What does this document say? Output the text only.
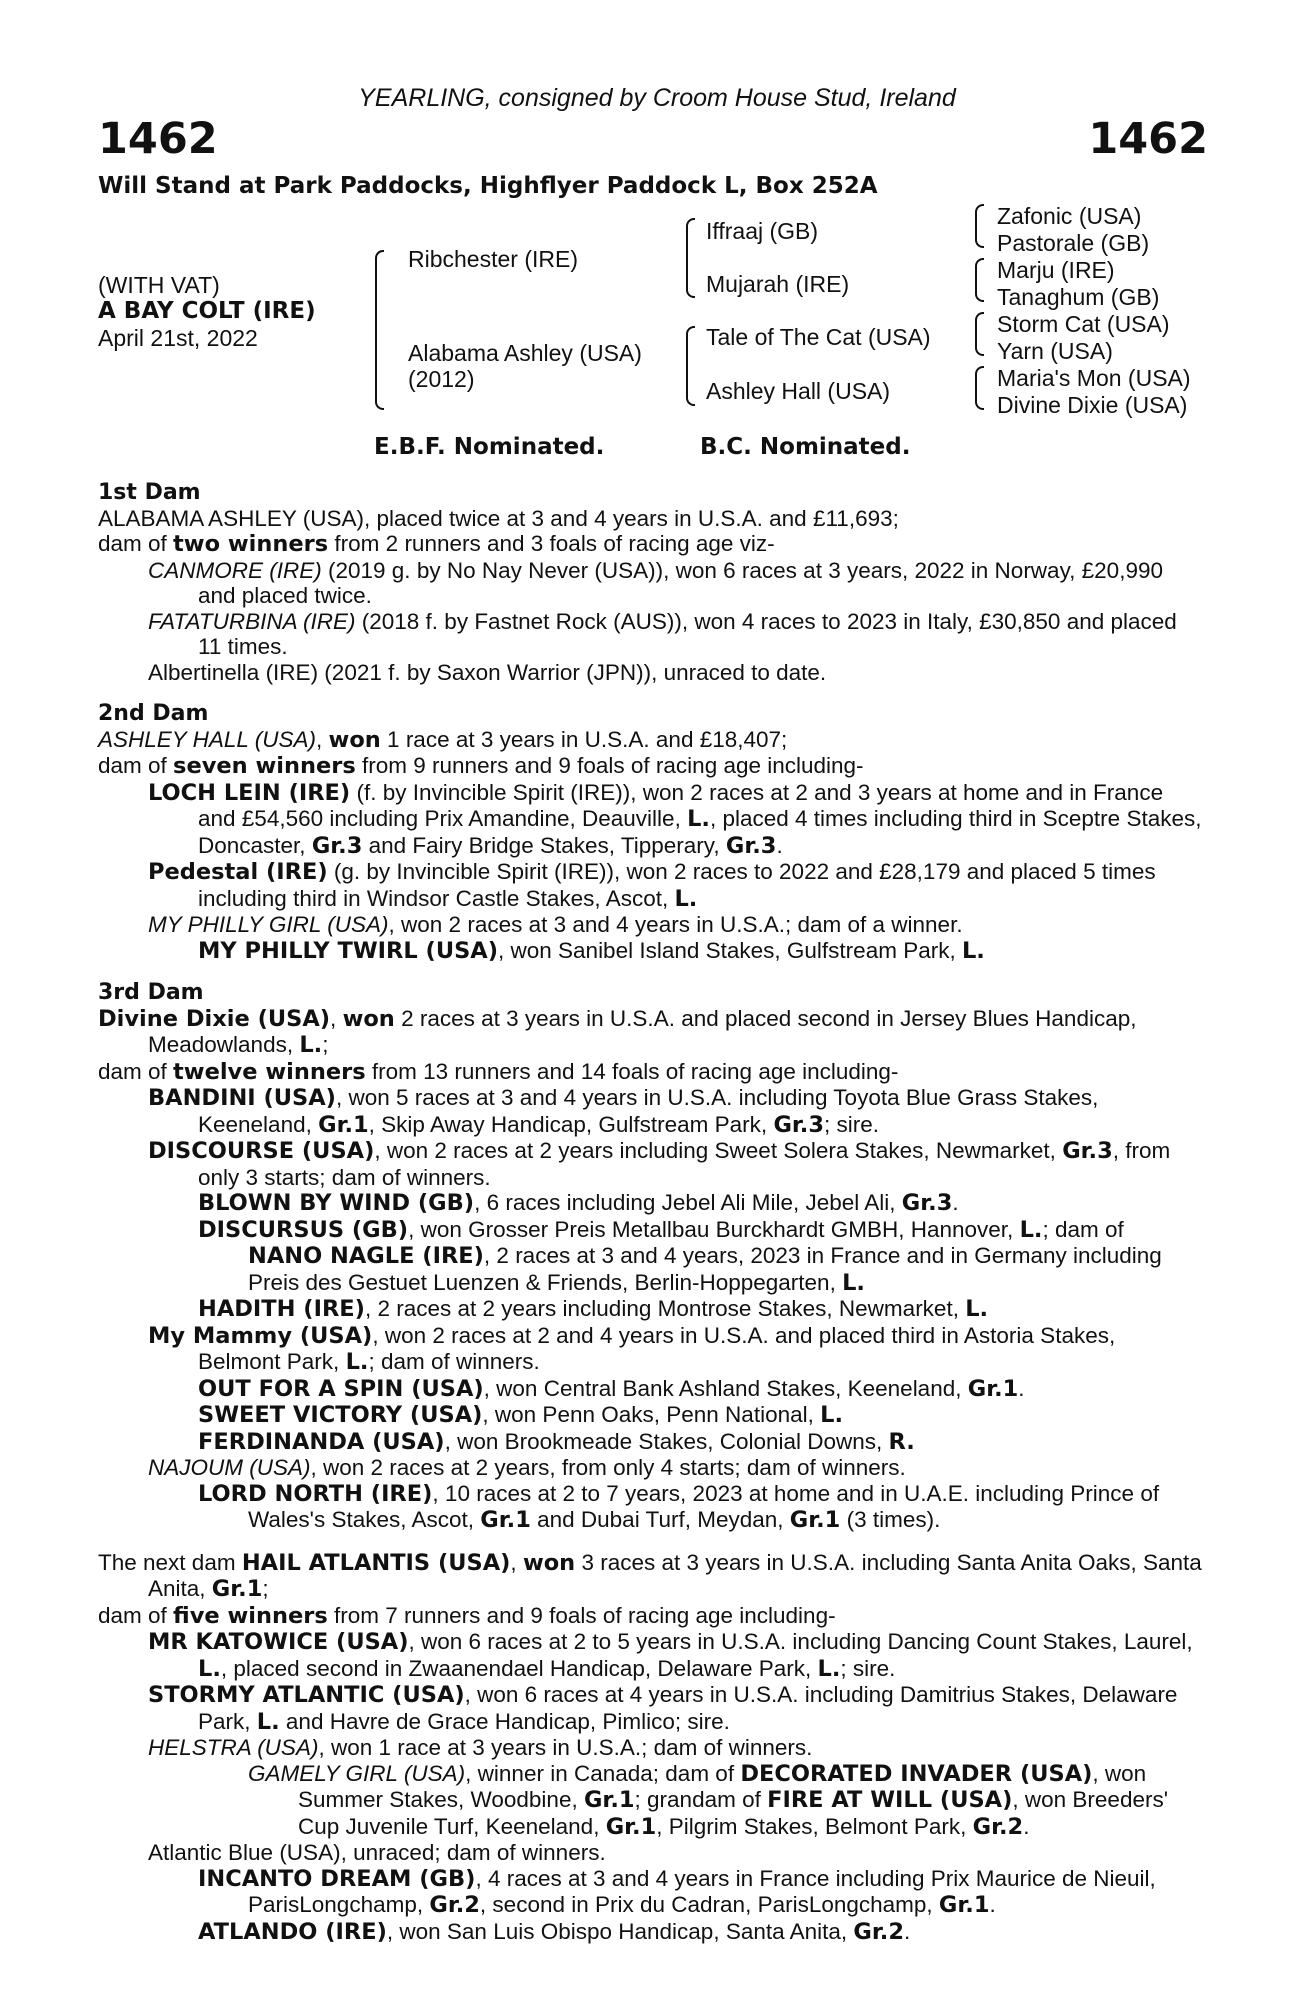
YEARLING, consigned by Croom House Stud, Ireland
1462	1462
Will Stand at Park Paddocks, Highflyer Paddock L, Box 252A
(WITH VAT)
A BAY COLT (IRE)
April 21st, 2022
Ribchester (IRE)
Alabama Ashley (USA)
(2012)
Iffraaj (GB)
Mujarah (IRE)
Tale of The Cat (USA)
Ashley Hall (USA)
Zafonic (USA)
Pastorale (GB)
Marju (IRE)
Tanaghum (GB)
Storm Cat (USA)
Yarn (USA)
Maria's Mon (USA)
Divine Dixie (USA)
E.B.F. Nominated.	B.C. Nominated.

1st Dam

ALABAMA ASHLEY (USA), placed twice at 3 and 4 years in U.S.A. and £11,693;

dam of two winners from 2 runners and 3 foals of racing age viz-

CANMORE (IRE) (2019 g. by No Nay Never (USA)), won 6 races at 3 years, 2022 in Norway, £20,990 and placed twice.

FATATURBINA (IRE) (2018 f. by Fastnet Rock (AUS)), won 4 races to 2023 in Italy, £30,850 and placed 11 times.

Albertinella (IRE) (2021 f. by Saxon Warrior (JPN)), unraced to date.

2nd Dam

ASHLEY HALL (USA), won 1 race at 3 years in U.S.A. and £18,407;

dam of seven winners from 9 runners and 9 foals of racing age including-

LOCH LEIN (IRE) (f. by Invincible Spirit (IRE)), won 2 races at 2 and 3 years at home and in France and £54,560 including Prix Amandine, Deauville, L., placed 4 times including third in Sceptre Stakes, Doncaster, Gr.3 and Fairy Bridge Stakes, Tipperary, Gr.3.

Pedestal (IRE) (g. by Invincible Spirit (IRE)), won 2 races to 2022 and £28,179 and placed 5 times including third in Windsor Castle Stakes, Ascot, L.

MY PHILLY GIRL (USA), won 2 races at 3 and 4 years in U.S.A.; dam of a winner.

MY PHILLY TWIRL (USA), won Sanibel Island Stakes, Gulfstream Park, L.

3rd Dam

Divine Dixie (USA), won 2 races at 3 years in U.S.A. and placed second in Jersey Blues Handicap, Meadowlands, L.;

dam of twelve winners from 13 runners and 14 foals of racing age including-

BANDINI (USA), won 5 races at 3 and 4 years in U.S.A. including Toyota Blue Grass Stakes, Keeneland, Gr.1, Skip Away Handicap, Gulfstream Park, Gr.3; sire.

DISCOURSE (USA), won 2 races at 2 years including Sweet Solera Stakes, Newmarket, Gr.3, from only 3 starts; dam of winners.

BLOWN BY WIND (GB), 6 races including Jebel Ali Mile, Jebel Ali, Gr.3.

DISCURSUS (GB), won Grosser Preis Metallbau Burckhardt GMBH, Hannover, L.; dam of NANO NAGLE (IRE), 2 races at 3 and 4 years, 2023 in France and in Germany including Preis des Gestuet Luenzen & Friends, Berlin-Hoppegarten, L.

HADITH (IRE), 2 races at 2 years including Montrose Stakes, Newmarket, L.

My Mammy (USA), won 2 races at 2 and 4 years in U.S.A. and placed third in Astoria Stakes, Belmont Park, L.; dam of winners.

OUT FOR A SPIN (USA), won Central Bank Ashland Stakes, Keeneland, Gr.1.

SWEET VICTORY (USA), won Penn Oaks, Penn National, L.

FERDINANDA (USA), won Brookmeade Stakes, Colonial Downs, R.

NAJOUM (USA), won 2 races at 2 years, from only 4 starts; dam of winners.

LORD NORTH (IRE), 10 races at 2 to 7 years, 2023 at home and in U.A.E. including Prince of Wales's Stakes, Ascot, Gr.1 and Dubai Turf, Meydan, Gr.1 (3 times).

The next dam HAIL ATLANTIS (USA), won 3 races at 3 years in U.S.A. including Santa Anita Oaks, Santa Anita, Gr.1;

dam of five winners from 7 runners and 9 foals of racing age including-

MR KATOWICE (USA), won 6 races at 2 to 5 years in U.S.A. including Dancing Count Stakes, Laurel, L., placed second in Zwaanendael Handicap, Delaware Park, L.; sire.

STORMY ATLANTIC (USA), won 6 races at 4 years in U.S.A. including Damitrius Stakes, Delaware Park, L. and Havre de Grace Handicap, Pimlico; sire.

HELSTRA (USA), won 1 race at 3 years in U.S.A.; dam of winners.

GAMELY GIRL (USA), winner in Canada; dam of DECORATED INVADER (USA), won Summer Stakes, Woodbine, Gr.1; grandam of FIRE AT WILL (USA), won Breeders' Cup Juvenile Turf, Keeneland, Gr.1, Pilgrim Stakes, Belmont Park, Gr.2.

Atlantic Blue (USA), unraced; dam of winners.

INCANTO DREAM (GB), 4 races at 3 and 4 years in France including Prix Maurice de Nieuil, ParisLongchamp, Gr.2, second in Prix du Cadran, ParisLongchamp, Gr.1.

ATLANDO (IRE), won San Luis Obispo Handicap, Santa Anita, Gr.2.
